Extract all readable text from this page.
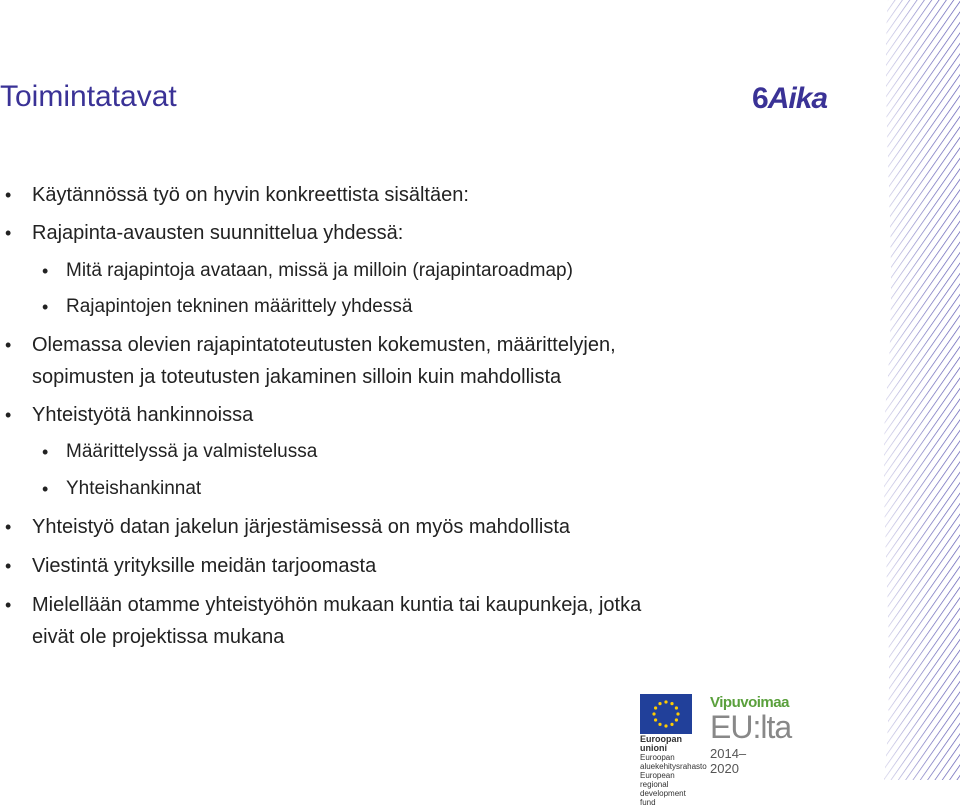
Toimintatavat	6Aika
• Käytännössä työ on hyvin konkreettista sisältäen:
• Rajapinta-avausten suunnittelua yhdessä:
• Mitä rajapintoja avataan, missä ja milloin (rajapintaroadmap)
• Rajapintojen tekninen määrittely yhdessä
• Olemassa olevien rajapintatoteutusten kokemusten, määrittelyjen,
sopimusten ja toteutusten jakaminen silloin kuin mahdollista
• Yhteistyötä hankinnoissa
• Määrittelyssä ja valmistelussa
• Yhteishankinnat
• Yhteistyö datan jakelun järjestämisessä on myös mahdollista
• Viestintä yrityksille meidän tarjoomasta
• Mielellään otamme yhteistyöhön mukaan kuntia tai kaupunkeja, jotka
eivät ole projektissa mukana
Euroopan unioni
Euroopan aluekehitysrahasto
European regional development fund
Vipuvoimaa
EU:lta
2014–2020
